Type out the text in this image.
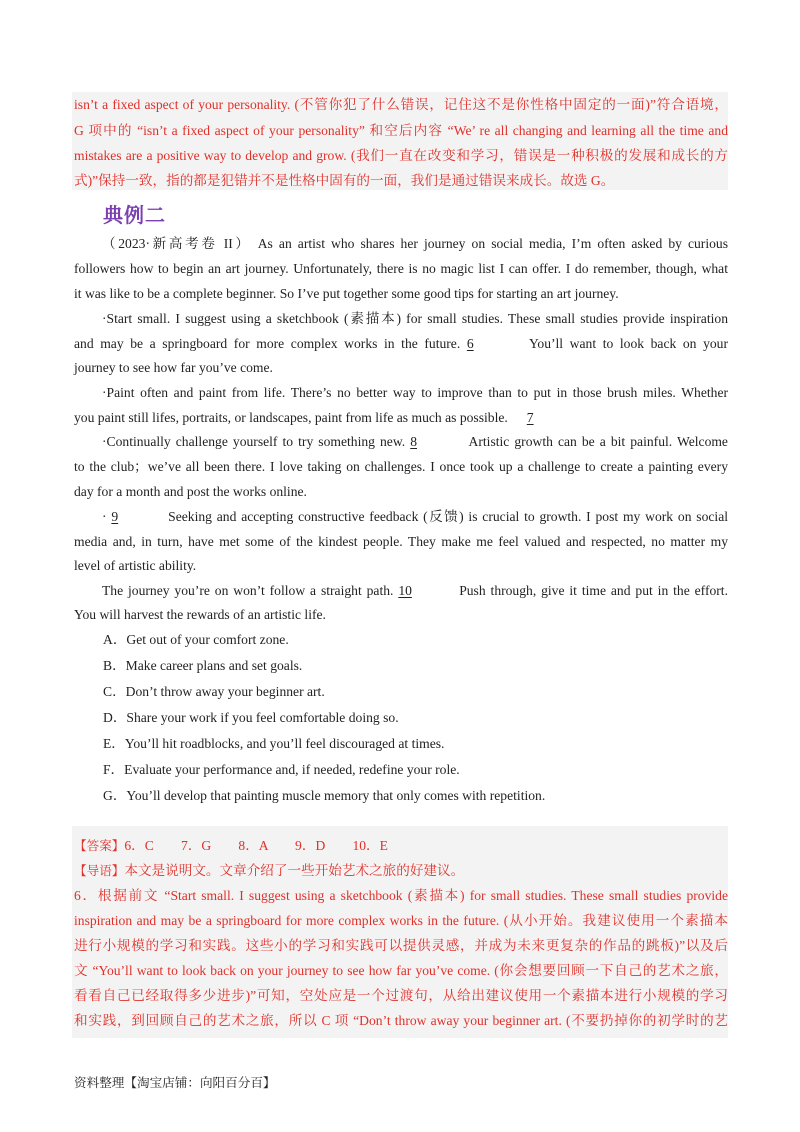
isn’t a fixed aspect of your personality. (不管你犯了什么错误，记住这不是你性格中固定的一面)”符合语境，
G 项中的 “isn’t a fixed aspect of your personality” 和空后内容 “We’ re all changing and learning all the time and
mistakes are a positive way to develop and grow. (我们一直在改变和学习，错误是一种积极的发展和成长的方
式)”保持一致，指的都是犯错并不是性格中固有的一面，我们是通过错误来成长。故选 G。
典例二
（2023·新高考卷 II） As an artist who shares her journey on social media, I’m often asked by curious
followers how to begin an art journey. Unfortunately, there is no magic list I can offer. I do remember, though, what
it was like to be a complete beginner. So I’ve put together some good tips for starting an art journey.
·Start small. I suggest using a sketchbook (素描本) for small studies. These small studies provide inspiration
and may be a springboard for more complex works in the future. 6	You’ll want to look back on your
journey to see how far you’ve come.
·Paint often and paint from life. There’s no better way to improve than to put in those brush miles. Whether
you paint still lifes, portraits, or landscapes, paint from life as much as possible. 7
·Continually challenge yourself to try something new. 8	Artistic growth can be a bit painful. Welcome
to the club；we’ve all been there. I love taking on challenges. I once took up a challenge to create a painting every
day for a month and post the works online.
· 9	Seeking and accepting constructive feedback (反馈) is crucial to growth. I post my work on social
media and, in turn, have met some of the kindest people. They make me feel valued and respected, no matter my
level of artistic ability.
The journey you’re on won’t follow a straight path. 10	Push through, give it time and put in the effort.
You will harvest the rewards of an artistic life.
A．Get out of your comfort zone.
B．Make career plans and set goals.
C．Don’t throw away your beginner art.
D．Share your work if you feel comfortable doing so.
E．You’ll hit roadblocks, and you’ll feel discouraged at times.
F．Evaluate your performance and, if needed, redefine your role.
G．You’ll develop that painting muscle memory that only comes with repetition.
【答案】6．C　　7．G　　8．A　　9．D　　10．E
【导语】本文是说明文。文章介绍了一些开始艺术之旅的好建议。
6．根据前文 “Start small. I suggest using a sketchbook (素描本) for small studies. These small studies provide
inspiration and may be a springboard for more complex works in the future. (从小开始。我建议使用一个素描本
进行小规模的学习和实践。这些小的学习和实践可以提供灵感，并成为未来更复杂的作品的跳板)”以及后
文 “You’ll want to look back on your journey to see how far you’ve come. (你会想要回顾一下自己的艺术之旅，
看看自己已经取得多少进步)”可知，空处应是一个过渡句，从给出建议使用一个素描本进行小规模的学习
和实践，到回顾自己的艺术之旅，所以 C 项 “Don’t throw away your beginner art. (不要扔掉你的初学时的艺
资料整理【淘宝店铺：向阳百分百】
